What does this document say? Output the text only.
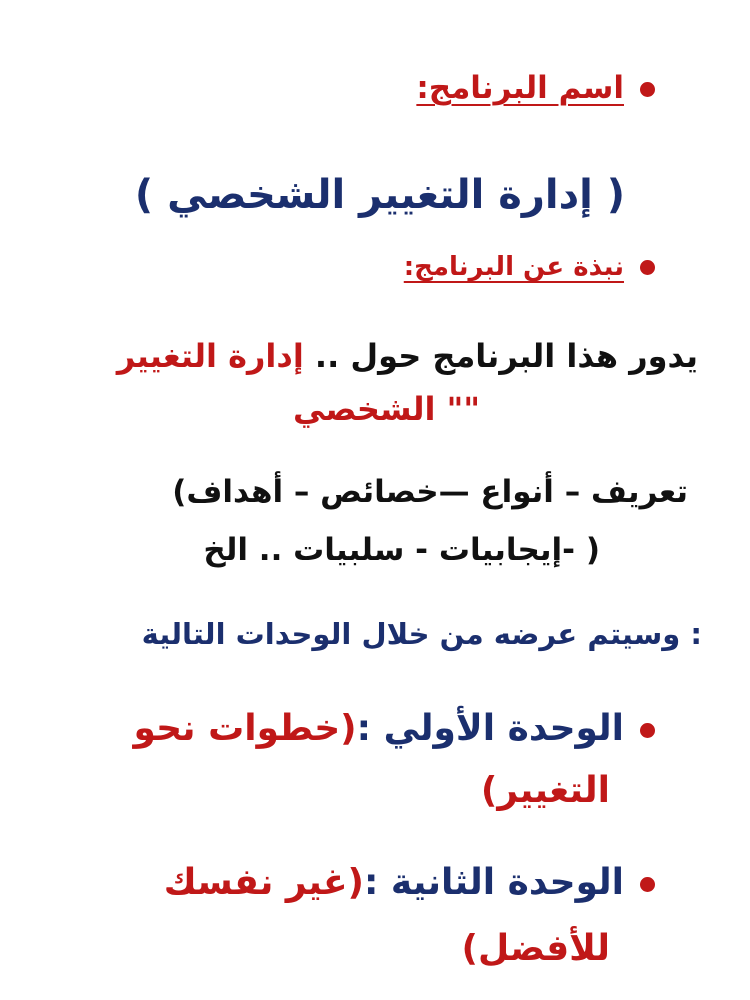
اسم البرنامج:
( إدارة التغيير الشخصي )
نبذة عن البرنامج:
يدور هذا البرنامج حول .. إدارة التغيير
"" الشخصي
تعريف – أنواع —خصائص – أهداف)
( -إيجابيات - سلبيات .. الخ
: وسيتم عرضه من خلال الوحدات التالية
الوحدة الأولي :(خطوات نحو
التغيير)
الوحدة الثانية :(غير نفسك
للأفضل)
